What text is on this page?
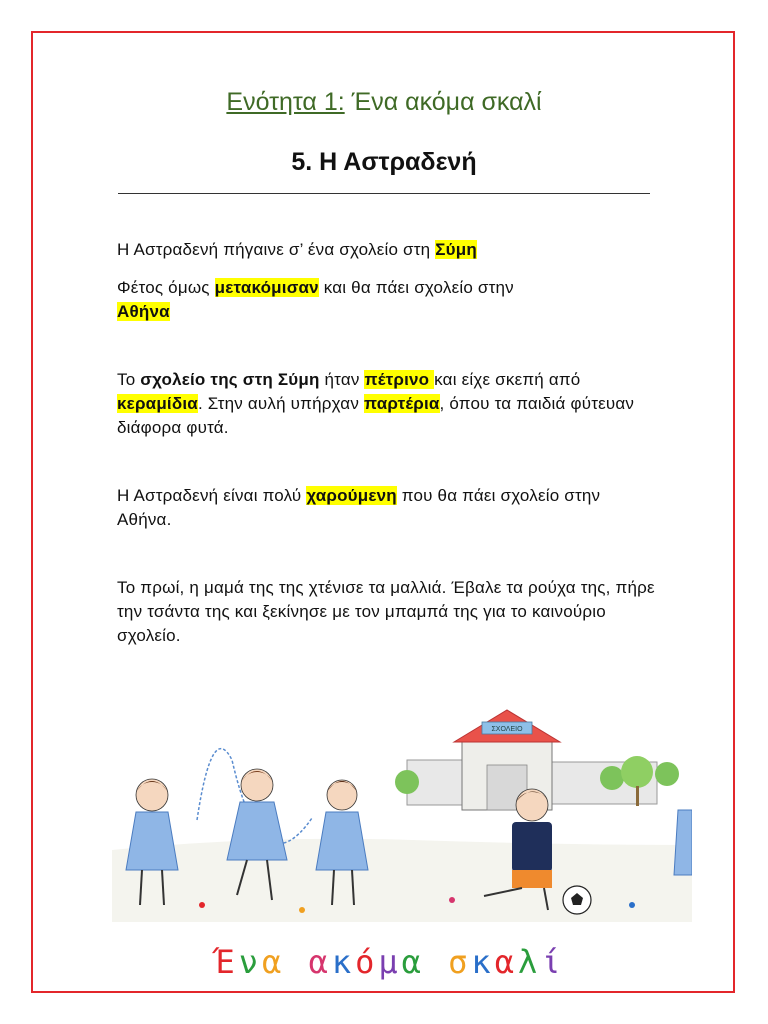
Ενότητα 1: Ένα ακόμα σκαλί
5. Η Αστραδενή
Η Αστραδενή πήγαινε σ’ ένα σχολείο στη Σύμη
Φέτος όμως μετακόμισαν και θα πάει σχολείο στην
Αθήνα
Το σχολείο της στη Σύμη ήταν πέτρινο και είχε σκεπή από κεραμίδια. Στην αυλή υπήρχαν παρτέρια, όπου τα παιδιά φύτευαν διάφορα φυτά.
Η Αστραδενή είναι πολύ χαρούμενη που θα πάει σχολείο στην Αθήνα.
Το πρωί, η μαμά της της χτένισε τα μαλλιά. Έβαλε τα ρούχα της, πήρε την τσάντα της και ξεκίνησε με τον μπαμπά της για το καινούριο σχολείο.
ΣΧΟΛΕΙΟ
Ένα ακόμα σκαλί
